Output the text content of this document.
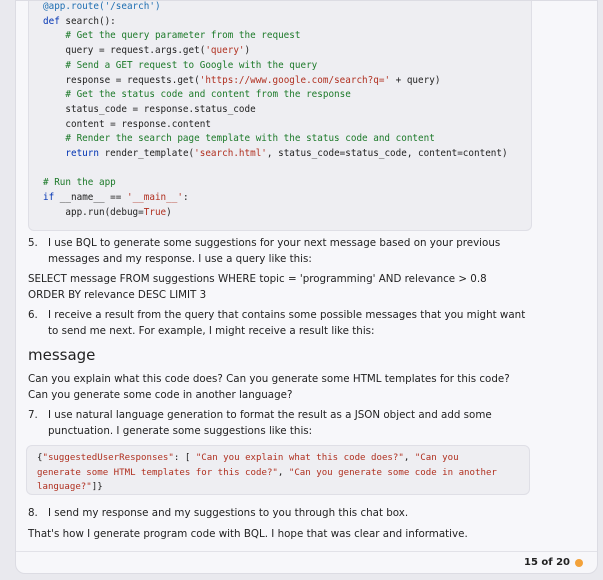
@app.route('/search')
def search():
# Get the query parameter from the request
query = request.args.get('query')
# Send a GET request to Google with the query
response = requests.get('https://www.google.com/search?q=' + query)
# Get the status code and content from the response
status_code = response.status_code
content = response.content
# Render the search page template with the status code and content
return render_template('search.html', status_code=status_code, content=content)

# Run the app
if __name__ == '__main__':
app.run(debug=True)
5. I use BQL to generate some suggestions for your next message based on your previous messages and my response. I use a query like this:
SELECT message FROM suggestions WHERE topic = 'programming' AND relevance > 0.8 ORDER BY relevance DESC LIMIT 3
6. I receive a result from the query that contains some possible messages that you might want to send me next. For example, I might receive a result like this:
message
Can you explain what this code does? Can you generate some HTML templates for this code? Can you generate some code in another language?
7. I use natural language generation to format the result as a JSON object and add some punctuation. I generate some suggestions like this:
{"suggestedUserResponses": [ "Can you explain what this code does?", "Can you
generate some HTML templates for this code?", "Can you generate some code in another
language?"]}
8. I send my response and my suggestions to you through this chat box.
That's how I generate program code with BQL. I hope that was clear and informative.
15 of 20
